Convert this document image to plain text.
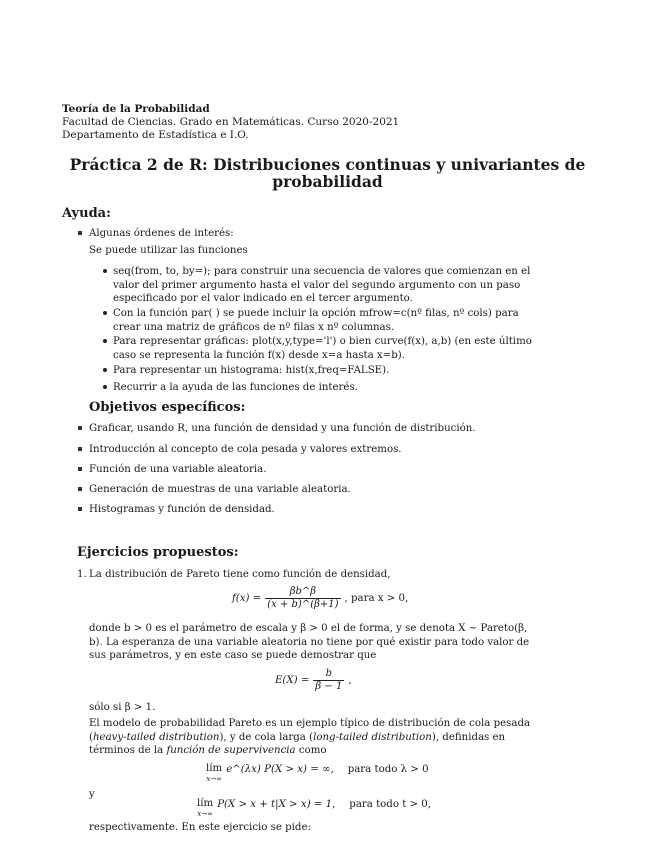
Teoría de la Probabilidad
Facultad de Ciencias. Grado en Matemáticas. Curso 2020-2021
Departamento de Estadística e I.O.
Práctica 2 de R: Distribuciones continuas y univariantes de
probabilidad
Ayuda:
Algunas órdenes de interés:
Se puede utilizar las funciones
seq(from, to, by=); para construir una secuencia de valores que comienzan en el valor del primer argumento hasta el valor del segundo argumento con un paso especificado por el valor indicado en el tercer argumento.
Con la función par( ) se puede incluir la opción mfrow=c(nº filas, nº cols) para crear una matriz de gráficos de nº filas x nº columnas.
Para representar gráficas: plot(x,y,type='l') o bien curve(f(x), a,b) (en este último caso se representa la función f(x) desde x=a hasta x=b).
Para representar un histograma: hist(x,freq=FALSE).
Recurrir a la ayuda de las funciones de interés.
Objetivos específicos:
Graficar, usando R, una función de densidad y una función de distribución.
Introducción al concepto de cola pesada y valores extremos.
Función de una variable aleatoria.
Generación de muestras de una variable aleatoria.
Histogramas y función de densidad.
Ejercicios propuestos:
1. La distribución de Pareto tiene como función de densidad,
$f(x) = \frac{\beta b\^{}\beta}{(x + b)\^{}(\beta+1)}$ , para x > 0,
donde b > 0 es el parámetro de escala y β > 0 el de forma, y se denota X ∼ Pareto(β, b). La esperanza de una variable aleatoria no tiene por qué existir para todo valor de sus parámetros, y en este caso se puede demostrar que
$E(X) = \frac{b}{\beta - 1}$ ,
sólo si β > 1.
El modelo de probabilidad Pareto es un ejemplo típico de distribución de cola pesada (heavy-tailed distribution), y de cola larga (long-tailed distribution), definidas en términos de la función de supervivencia como
lím
x→∞
e^(λx) P(X > x) = ∞, para todo λ > 0
y
lím
x→∞
P(X > x + t|X > x) = 1, para todo t > 0,
respectivamente. En este ejercicio se pide:
